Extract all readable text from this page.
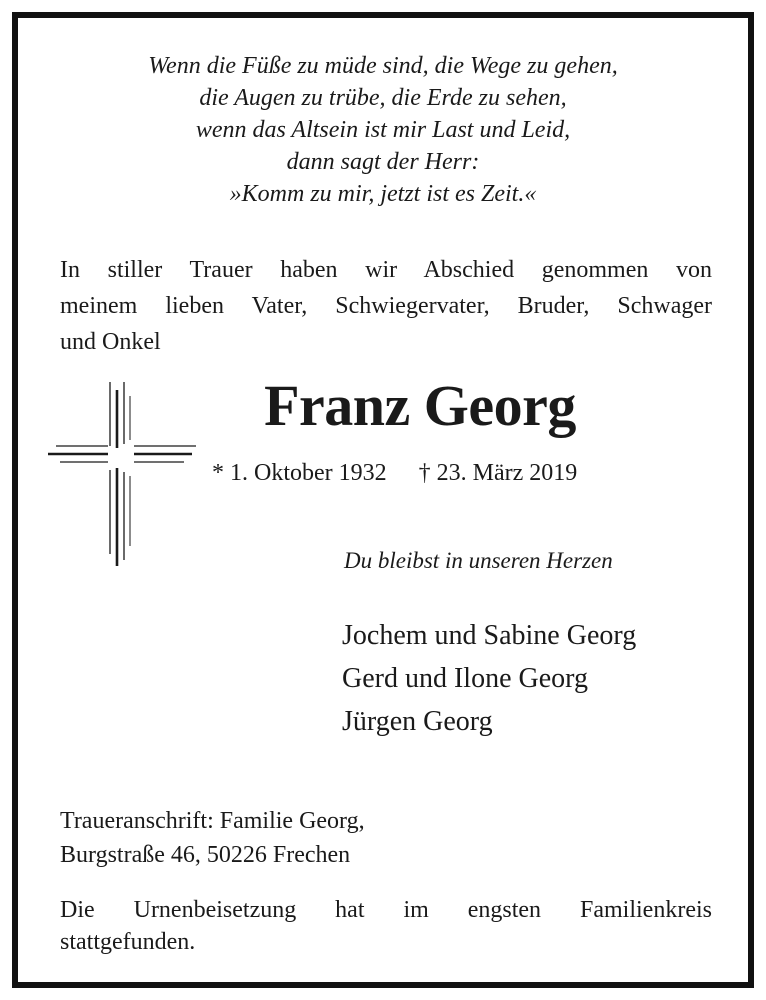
Wenn die Füße zu müde sind, die Wege zu gehen,
die Augen zu trübe, die Erde zu sehen,
wenn das Altsein ist mir Last und Leid,
dann sagt der Herr:
»Komm zu mir, jetzt ist es Zeit.«
In stiller Trauer haben wir Abschied genommen von
meinem lieben Vater, Schwiegervater, Bruder, Schwager
und Onkel
Franz Georg
* 1. Oktober 1932 † 23. März 2019
Du bleibst in unseren Herzen
Jochem und Sabine Georg
Gerd und Ilone Georg
Jürgen Georg
Traueranschrift: Familie Georg,
Burgstraße 46, 50226 Frechen
Die Urnenbeisetzung hat im engsten Familienkreis
stattgefunden.
